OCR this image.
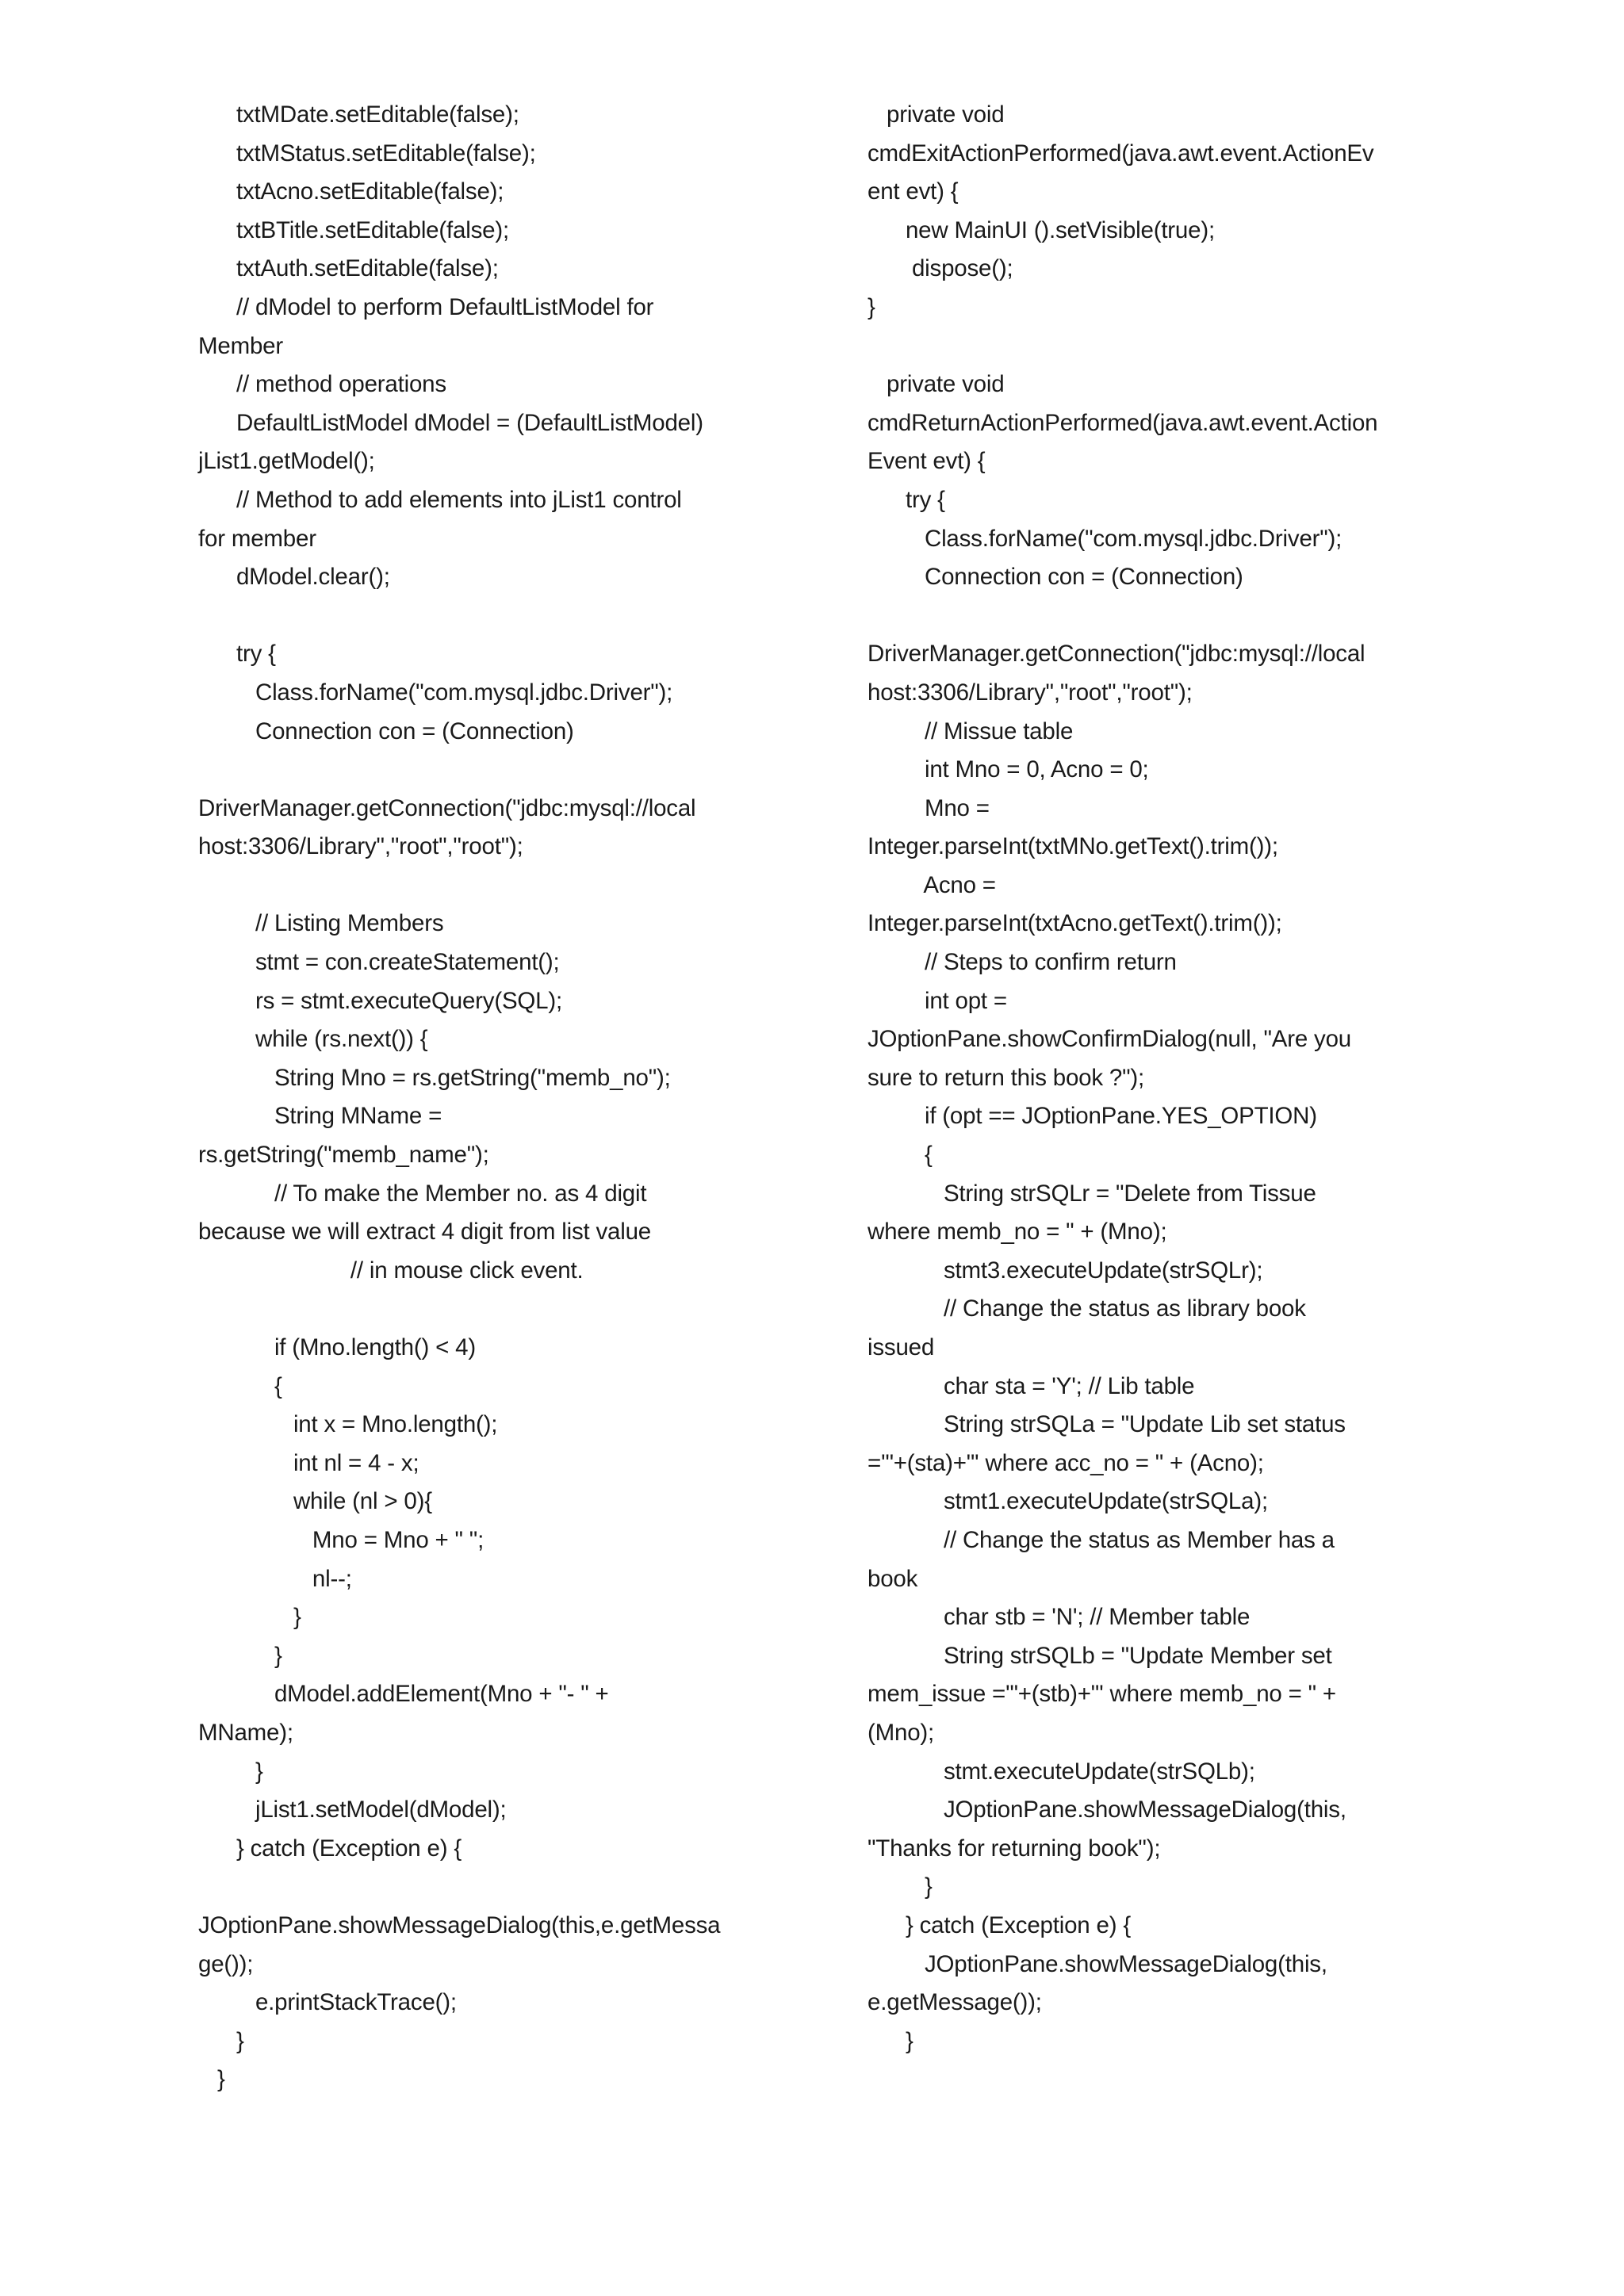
txtMDate.setEditable(false);
txtMStatus.setEditable(false);
txtAcno.setEditable(false);
txtBTitle.setEditable(false);
txtAuth.setEditable(false);
// dModel to perform DefaultListModel for
Member
// method operations
DefaultListModel dModel = (DefaultListModel)
jList1.getModel();
// Method to add elements into jList1 control
for member
dModel.clear();
try {
Class.forName("com.mysql.jdbc.Driver");
Connection con = (Connection)
DriverManager.getConnection("jdbc:mysql://local
host:3306/Library","root","root");
// Listing Members
stmt = con.createStatement();
rs = stmt.executeQuery(SQL);
while (rs.next()) {
String Mno = rs.getString("memb_no");
String MName =
rs.getString("memb_name");
// To make the Member no. as 4 digit
because we will extract 4 digit from list value
// in mouse click event.
if (Mno.length() < 4)
{
int x = Mno.length();
int nl = 4 - x;
while (nl > 0){
Mno = Mno + " ";
nl--;
}
}
dModel.addElement(Mno + "- " +
MName);
}
jList1.setModel(dModel);
} catch (Exception e) {
JOptionPane.showMessageDialog(this,e.getMessa
ge());
e.printStackTrace();
}
}
private void
cmdExitActionPerformed(java.awt.event.ActionEv
ent evt) {
new MainUI ().setVisible(true);
dispose();
}
private void
cmdReturnActionPerformed(java.awt.event.Action
Event evt) {
try {
Class.forName("com.mysql.jdbc.Driver");
Connection con = (Connection)
DriverManager.getConnection("jdbc:mysql://local
host:3306/Library","root","root");
// Missue table
int Mno = 0, Acno = 0;
Mno =
Integer.parseInt(txtMNo.getText().trim());
Acno =
Integer.parseInt(txtAcno.getText().trim());
// Steps to confirm return
int opt =
JOptionPane.showConfirmDialog(null, "Are you
sure to return this book ?");
if (opt == JOptionPane.YES_OPTION)
{
String strSQLr = "Delete from Tissue
where memb_no = " + (Mno);
stmt3.executeUpdate(strSQLr);
// Change the status as library book
issued
char sta = 'Y'; // Lib table
String strSQLa = "Update Lib set status
='"+(sta)+"' where acc_no = " + (Acno);
stmt1.executeUpdate(strSQLa);
// Change the status as Member has a
book
char stb = 'N'; // Member table
String strSQLb = "Update Member set
mem_issue ='"+(stb)+"' where memb_no = " +
(Mno);
stmt.executeUpdate(strSQLb);
JOptionPane.showMessageDialog(this,
"Thanks for returning book");
}
} catch (Exception e) {
JOptionPane.showMessageDialog(this,
e.getMessage());
}
